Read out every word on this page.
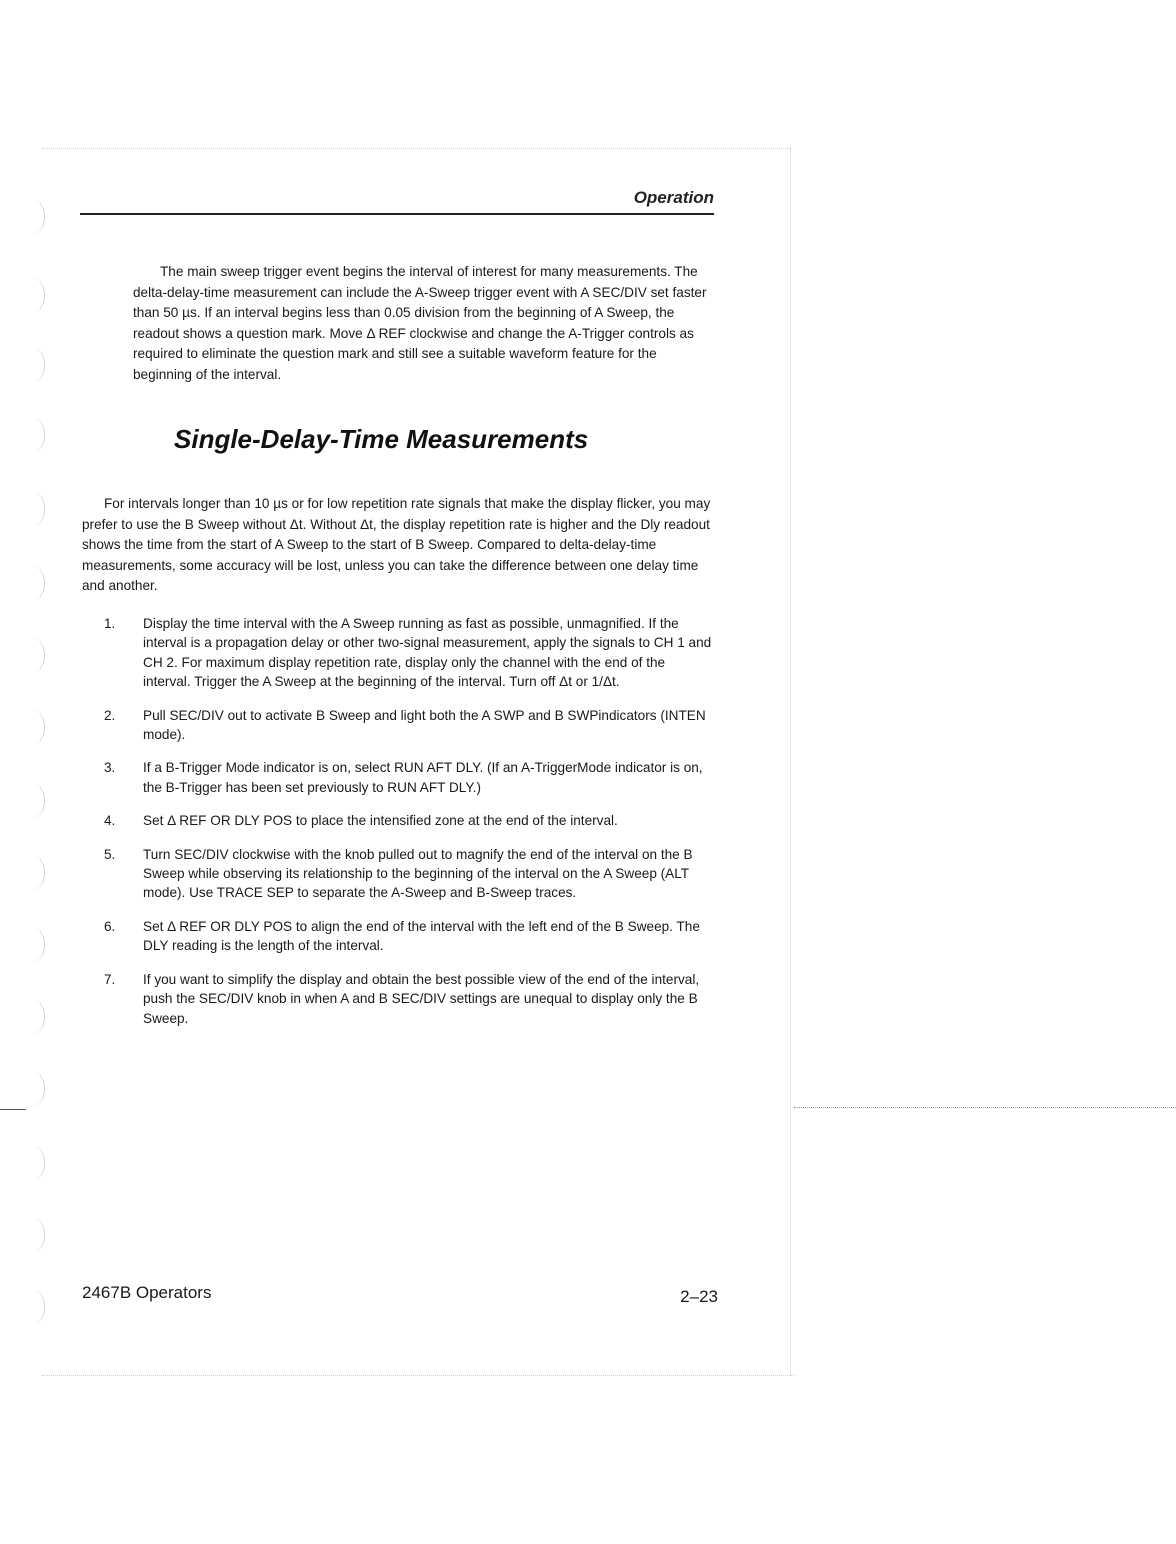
Operation

The main sweep trigger event begins the interval of interest for many measurements. The delta-delay-time measurement can include the A-Sweep trigger event with A SEC/DIV set faster than 50 µs. If an interval begins less than 0.05 division from the beginning of A Sweep, the readout shows a question mark. Move Δ REF clockwise and change the A-Trigger controls as required to eliminate the question mark and still see a suitable waveform feature for the beginning of the interval.

Single-Delay-Time Measurements

For intervals longer than 10 µs or for low repetition rate signals that make the display flicker, you may prefer to use the B Sweep without Δt. Without Δt, the display repetition rate is higher and the Dly readout shows the time from the start of A Sweep to the start of B Sweep. Compared to delta-delay-time measurements, some accuracy will be lost, unless you can take the difference between one delay time and another.

1. Display the time interval with the A Sweep running as fast as possible, unmagnified. If the interval is a propagation delay or other two-signal measurement, apply the signals to CH 1 and CH 2. For maximum display repetition rate, display only the channel with the end of the interval. Trigger the A Sweep at the beginning of the interval. Turn off Δt or 1/Δt.
2. Pull SEC/DIV out to activate B Sweep and light both the A SWP and B SWPindicators (INTEN mode).
3. If a B-Trigger Mode indicator is on, select RUN AFT DLY. (If an A-TriggerMode indicator is on, the B-Trigger has been set previously to RUN AFT DLY.)
4. Set Δ REF OR DLY POS to place the intensified zone at the end of the interval.
5. Turn SEC/DIV clockwise with the knob pulled out to magnify the end of the interval on the B Sweep while observing its relationship to the beginning of the interval on the A Sweep (ALT mode). Use TRACE SEP to separate the A-Sweep and B-Sweep traces.
6. Set Δ REF OR DLY POS to align the end of the interval with the left end of the B Sweep. The DLY reading is the length of the interval.
7. If you want to simplify the display and obtain the best possible view of the end of the interval, push the SEC/DIV knob in when A and B SEC/DIV settings are unequal to display only the B Sweep.
2467B Operators	2–23
